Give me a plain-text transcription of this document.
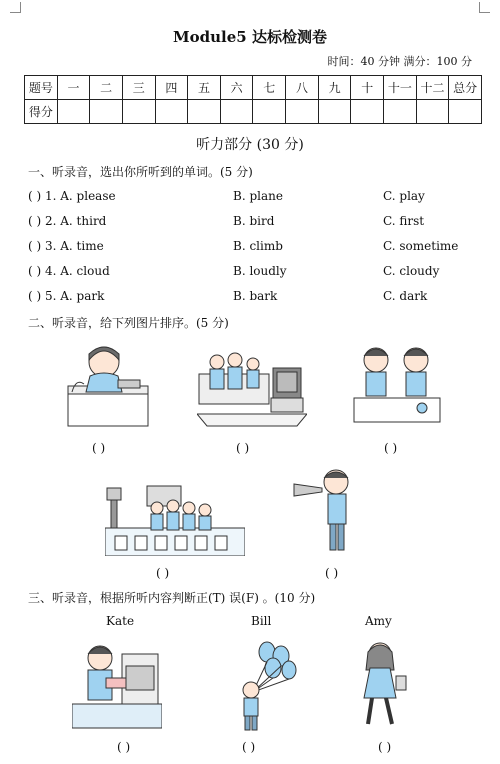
Module5 达标检测卷
时间：40 分钟 满分：100 分
题号	一	二	三	四	五	六	七	八	九	十	十一	十二	总分
得分													
听力部分 (30 分)
一、听录音，选出你所听到的单词。(5 分)
( ) 1. A. please	B. plane	C. play
( ) 2. A. third	B. bird	C. first
( ) 3. A. time	B. climb	C. sometime
( ) 4. A. cloud	B. loudly	C. cloudy
( ) 5. A. park	B. bark	C. dark
二、听录音，给下列图片排序。(5 分)
( )	( )	( )
( )	( )
三、听录音，根据所听内容判断正(T) 误(F) 。(10 分)
Kate	Bill	Amy
( )	( )	( )
